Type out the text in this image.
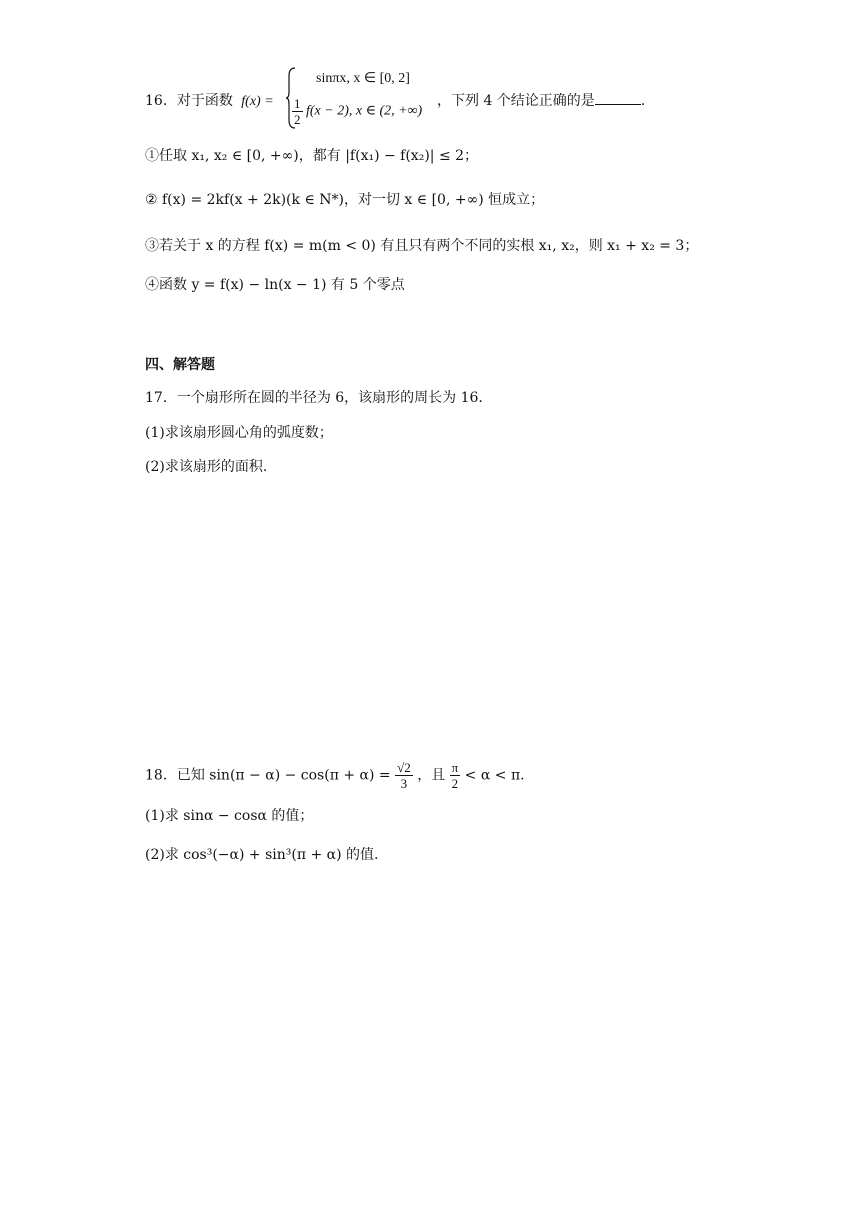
16．对于函数 f(x) =
sinπx, x ∈ [0, 2]
$\frac{1}{2} f(x - 2)$, x ∈ (2, +∞)
，下列 4 个结论正确的是	.
①任取 x₁, x₂ ∈ [0, +∞)，都有 |f(x₁) − f(x₂)| ≤ 2；
② f(x) = 2kf(x + 2k)(k ∈ N*)，对一切 x ∈ [0, +∞) 恒成立；
③若关于 x 的方程 f(x) = m(m < 0) 有且只有两个不同的实根 x₁, x₂，则 x₁ + x₂ = 3；
④函数 y = f(x) − ln(x − 1) 有 5 个零点
四、解答题
17．一个扇形所在圆的半径为 6，该扇形的周长为 16.
(1)求该扇形圆心角的弧度数；
(2)求该扇形的面积.
18．已知 $\sin(\pi - \alpha) - \cos(\pi + \alpha) = \frac{√2}{3}$ ，且 $\frac{\pi}{2} < \alpha < \pi$.
(1)求 sinα − cosα 的值；
(2)求 cos³(−α) + sin³(π + α) 的值.
